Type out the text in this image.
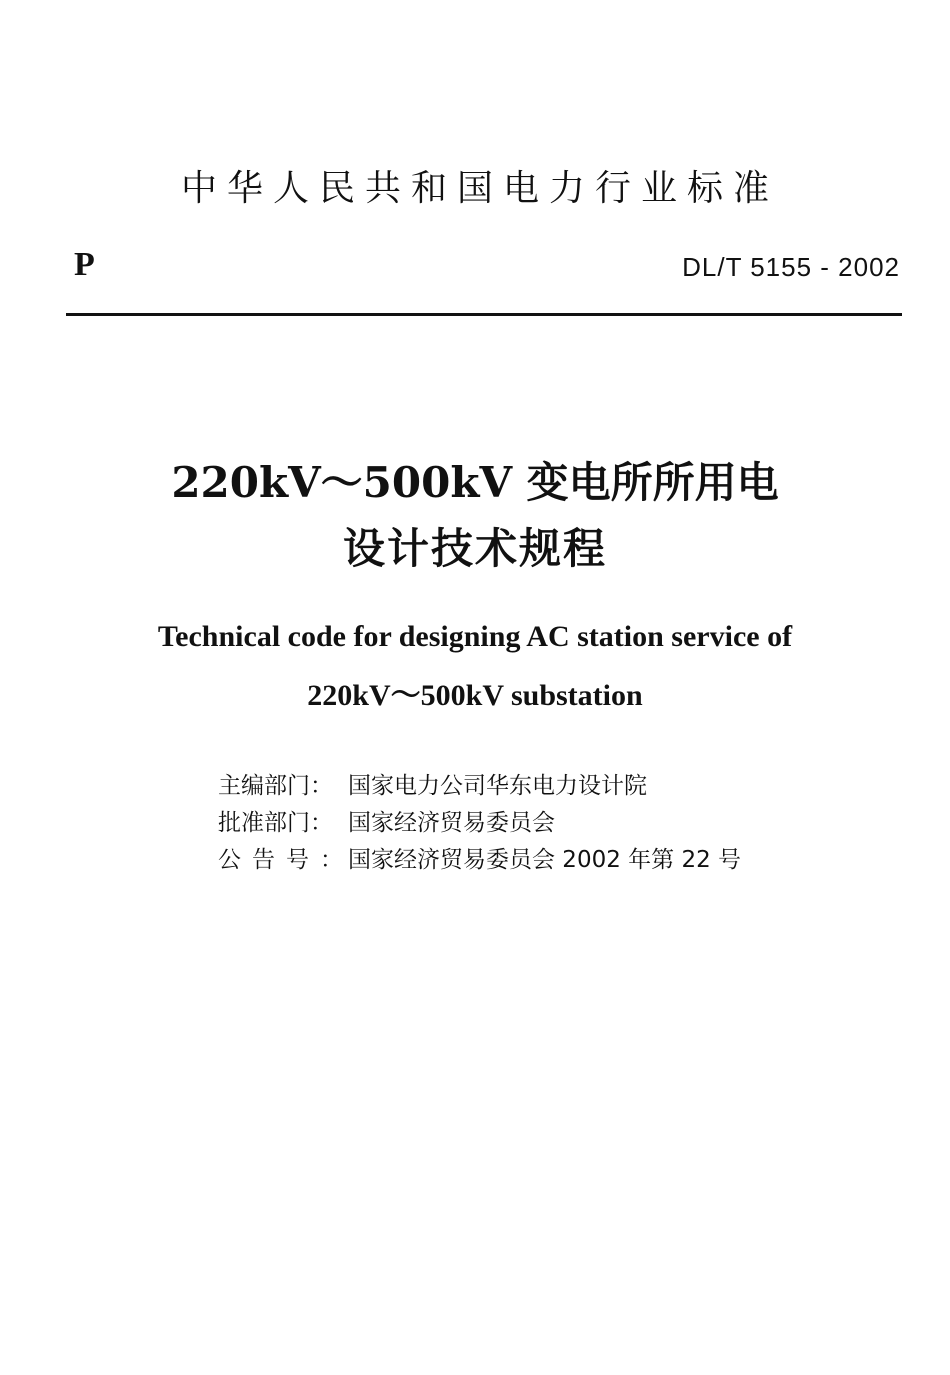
中华人民共和国电力行业标准
P	DL/T 5155 - 2002
220kV～500kV 变电所所用电
设计技术规程
Technical code for designing AC station service of
220kV～500kV substation
主编部门： 国家电力公司华东电力设计院
批准部门： 国家经济贸易委员会
公告号：
国家经济贸易委员会 2002 年第 22 号
